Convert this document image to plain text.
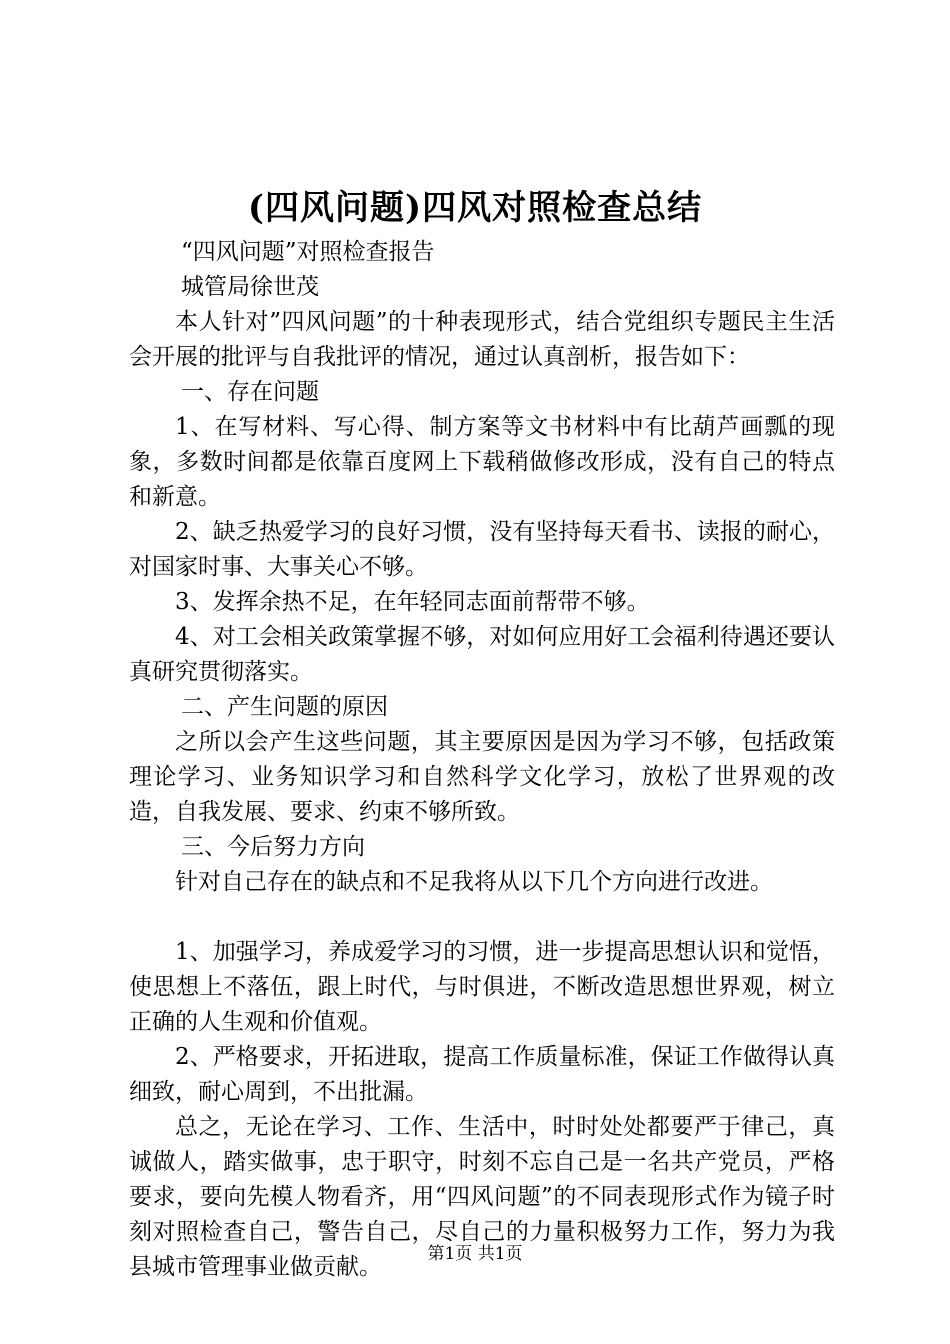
(四风问题)四风对照检查总结

“四风问题”对照检查报告

城管局徐世茂

本人针对”四风问题”的十种表现形式，结合党组织专题民主生活会开展的批评与自我批评的情况，通过认真剖析，报告如下：

一、存在问题

1、在写材料、写心得、制方案等文书材料中有比葫芦画瓢的现象，多数时间都是依靠百度网上下载稍做修改形成，没有自己的特点和新意。

2、缺乏热爱学习的良好习惯，没有坚持每天看书、读报的耐心，对国家时事、大事关心不够。

3、发挥余热不足，在年轻同志面前帮带不够。

4、对工会相关政策掌握不够，对如何应用好工会福利待遇还要认真研究贯彻落实。

二、产生问题的原因

之所以会产生这些问题，其主要原因是因为学习不够，包括政策理论学习、业务知识学习和自然科学文化学习，放松了世界观的改造，自我发展、要求、约束不够所致。

三、今后努力方向

针对自己存在的缺点和不足我将从以下几个方向进行改进。

1、加强学习，养成爱学习的习惯，进一步提高思想认识和觉悟，使思想上不落伍，跟上时代，与时俱进，不断改造思想世界观，树立正确的人生观和价值观。

2、严格要求，开拓进取，提高工作质量标准，保证工作做得认真细致，耐心周到，不出批漏。

总之，无论在学习、工作、生活中，时时处处都要严于律己，真诚做人，踏实做事，忠于职守，时刻不忘自己是一名共产党员，严格要求，要向先模人物看齐，用“四风问题”的不同表现形式作为镜子时刻对照检查自己，警告自己，尽自己的力量积极努力工作，努力为我县城市管理事业做贡献。	第1页 共1页
